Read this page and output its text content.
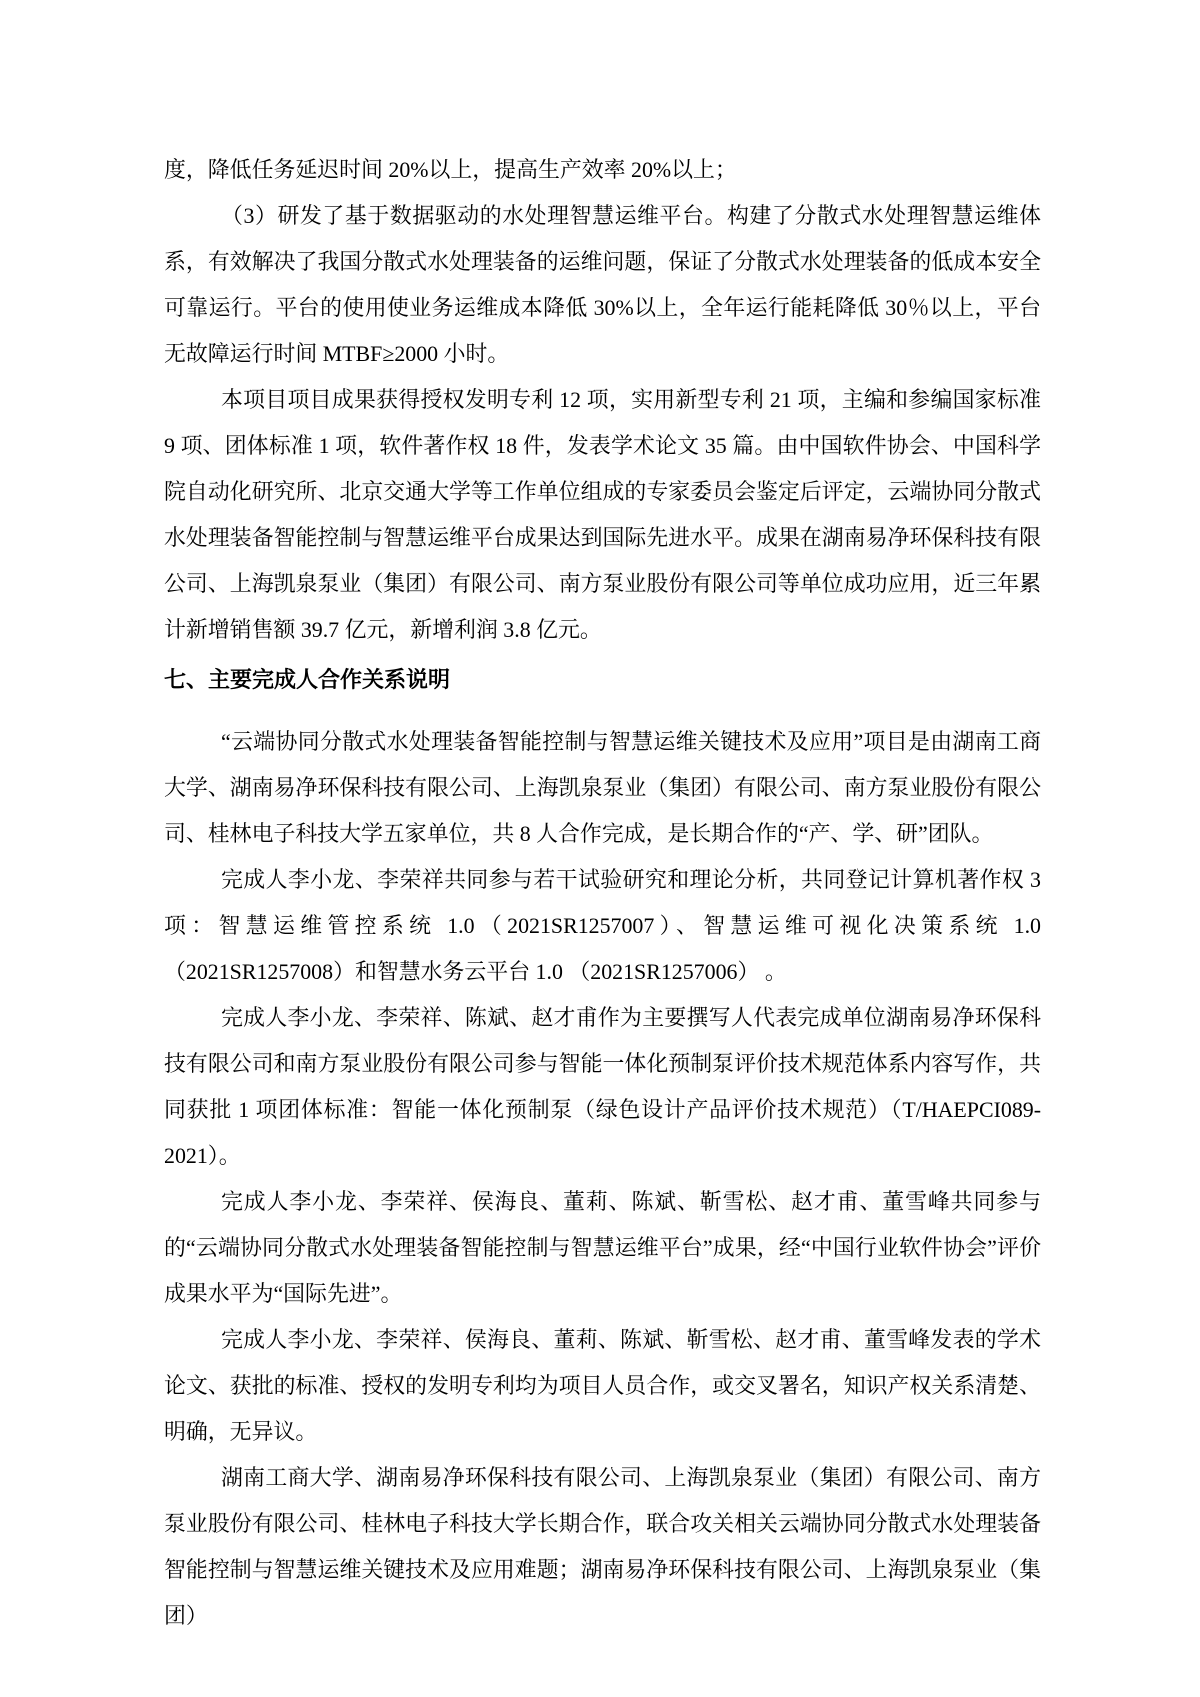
度，降低任务延迟时间 20%以上，提高生产效率 20%以上；

（3）研发了基于数据驱动的水处理智慧运维平台。构建了分散式水处理智慧运维体系，有效解决了我国分散式水处理装备的运维问题，保证了分散式水处理装备的低成本安全可靠运行。平台的使用使业务运维成本降低 30%以上，全年运行能耗降低 30％以上，平台无故障运行时间 MTBF≥2000 小时。

本项目项目成果获得授权发明专利 12 项，实用新型专利 21 项，主编和参编国家标准 9 项、团体标准 1 项，软件著作权 18 件，发表学术论文 35 篇。由中国软件协会、中国科学院自动化研究所、北京交通大学等工作单位组成的专家委员会鉴定后评定，云端协同分散式水处理装备智能控制与智慧运维平台成果达到国际先进水平。成果在湖南易净环保科技有限公司、上海凯泉泵业（集团）有限公司、南方泵业股份有限公司等单位成功应用，近三年累计新增销售额 39.7 亿元，新增利润 3.8 亿元。

七、主要完成人合作关系说明

“云端协同分散式水处理装备智能控制与智慧运维关键技术及应用”项目是由湖南工商大学、湖南易净环保科技有限公司、上海凯泉泵业（集团）有限公司、南方泵业股份有限公司、桂林电子科技大学五家单位，共 8 人合作完成，是长期合作的“产、学、研”团队。

完成人李小龙、李荣祥共同参与若干试验研究和理论分析，共同登记计算机著作权 3 项：智慧运维管控系统 1.0（2021SR1257007）、智慧运维可视化决策系统 1.0（2021SR1257008）和智慧水务云平台 1.0 （2021SR1257006） 。

完成人李小龙、李荣祥、陈斌、赵才甫作为主要撰写人代表完成单位湖南易净环保科技有限公司和南方泵业股份有限公司参与智能一体化预制泵评价技术规范体系内容写作，共同获批 1 项团体标准：智能一体化预制泵（绿色设计产品评价技术规范）（T/HAEPCI089-2021）。

完成人李小龙、李荣祥、侯海良、董莉、陈斌、靳雪松、赵才甫、董雪峰共同参与的“云端协同分散式水处理装备智能控制与智慧运维平台”成果，经“中国行业软件协会”评价成果水平为“国际先进”。

完成人李小龙、李荣祥、侯海良、董莉、陈斌、靳雪松、赵才甫、董雪峰发表的学术论文、获批的标准、授权的发明专利均为项目人员合作，或交叉署名，知识产权关系清楚、明确，无异议。

湖南工商大学、湖南易净环保科技有限公司、上海凯泉泵业（集团）有限公司、南方泵业股份有限公司、桂林电子科技大学长期合作，联合攻关相关云端协同分散式水处理装备智能控制与智慧运维关键技术及应用难题；湖南易净环保科技有限公司、上海凯泉泵业（集团）
